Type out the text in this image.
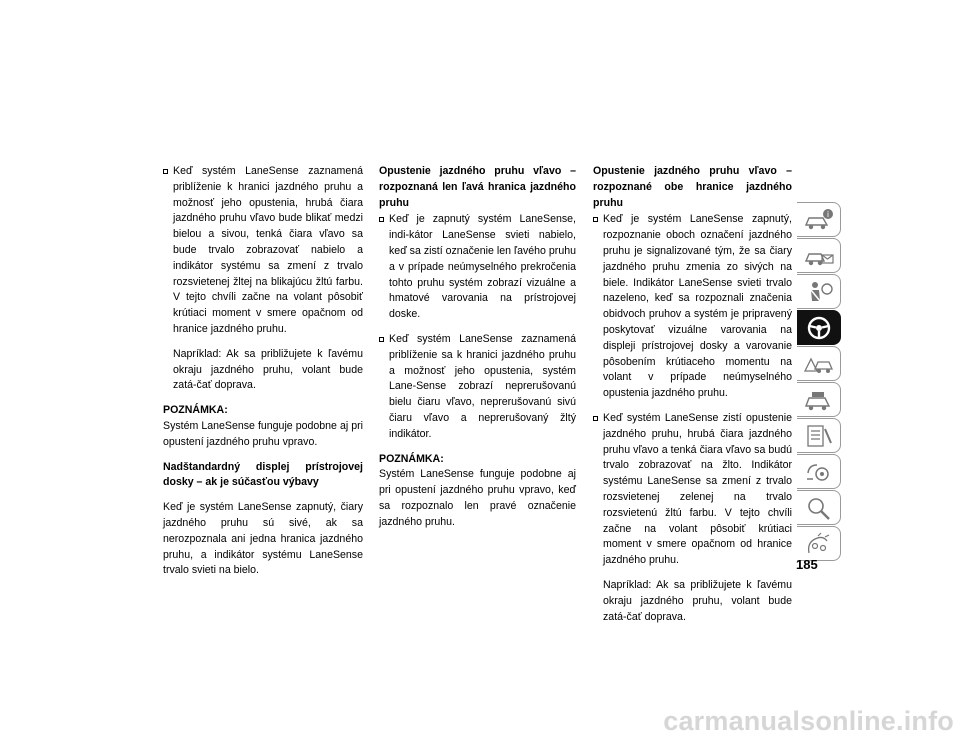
Keď systém LaneSense zaznamená priblíženie k hranici jazdného pruhu a možnosť jeho opustenia, hrubá čiara jazdného pruhu vľavo bude blikať medzi bielou a sivou, tenká čiara vľavo sa bude trvalo zobrazovať nabielo a indikátor systému sa zmení z trvalo rozsvietenej žltej na blikajúcu žltú farbu. V tejto chvíli začne na volant pôsobiť krútiaci moment v smere opačnom od hranice jazdného pruhu.
Napríklad: Ak sa približujete k ľavému okraju jazdného pruhu, volant bude zatá-čať doprava.
POZNÁMKA:
Systém LaneSense funguje podobne aj pri opustení jazdného pruhu vpravo.
Nadštandardný displej prístrojovej dosky – ak je súčasťou výbavy
Keď je systém LaneSense zapnutý, čiary jazdného pruhu sú sivé, ak sa nerozpoznala ani jedna hranica jazdného pruhu, a indikátor systému LaneSense trvalo svieti na bielo.
Opustenie jazdného pruhu vľavo – rozpoznaná len ľavá hranica jazdného pruhu
Keď je zapnutý systém LaneSense, indi-kátor LaneSense svieti nabielo, keď sa zistí označenie len ľavého pruhu a v prípade neúmyselného prekročenia tohto pruhu systém zobrazí vizuálne a hmatové varovania na prístrojovej doske.
Keď systém LaneSense zaznamená priblíženie sa k hranici jazdného pruhu a možnosť jeho opustenia, systém Lane-Sense zobrazí neprerušovanú bielu čiaru vľavo, neprerušovanú sivú čiaru vľavo a neprerušovaný žltý indikátor.
POZNÁMKA:
Systém LaneSense funguje podobne aj pri opustení jazdného pruhu vpravo, keď sa rozpoznalo len pravé označenie jazdného pruhu.
Opustenie jazdného pruhu vľavo – rozpoznané obe hranice jazdného pruhu
Keď je systém LaneSense zapnutý, rozpoznanie oboch označení jazdného pruhu je signalizované tým, že sa čiary jazdného pruhu zmenia zo sivých na biele. Indikátor LaneSense svieti trvalo nazeleno, keď sa rozpoznali značenia obidvoch pruhov a systém je pripravený poskytovať vizuálne varovania na displeji prístrojovej dosky a varovanie pôsobením krútiaceho momentu na volant v prípade neúmyselného opustenia jazdného pruhu.
Keď systém LaneSense zistí opustenie jazdného pruhu, hrubá čiara jazdného pruhu vľavo a tenká čiara vľavo sa budú trvalo zobrazovať na žlto. Indikátor systému LaneSense sa zmení z trvalo rozsvietenej zelenej na trvalo rozsvietenú žltú farbu. V tejto chvíli začne na volant pôsobiť krútiaci moment v smere opačnom od hranice jazdného pruhu.
Napríklad: Ak sa približujete k ľavému okraju jazdného pruhu, volant bude zatá-čať doprava.
i
185
carmanualsonline.info
